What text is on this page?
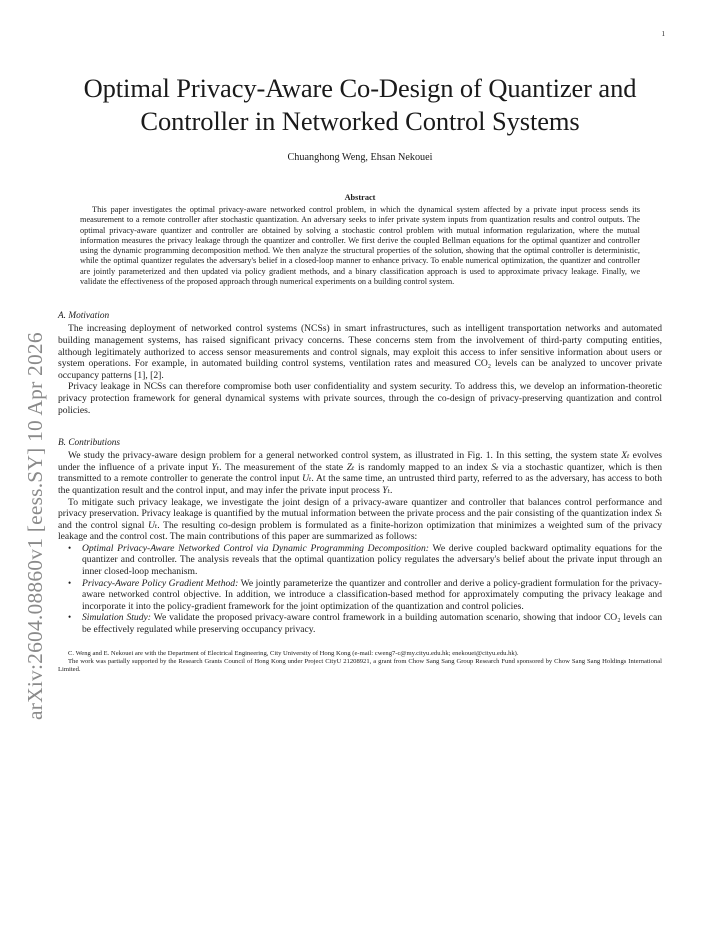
1
arXiv:2604.08860v1 [eess.SY] 10 Apr 2026
Optimal Privacy-Aware Co-Design of Quantizer and
Controller in Networked Control Systems
Chuanghong Weng, Ehsan Nekouei
Abstract

This paper investigates the optimal privacy-aware networked control problem, in which the dynamical system affected by a private input process sends its measurement to a remote controller after stochastic quantization. An adversary seeks to infer private system inputs from quantization results and control outputs. The optimal privacy-aware quantizer and controller are obtained by solving a stochastic control problem with mutual information regularization, where the mutual information measures the privacy leakage through the quantizer and controller. We first derive the coupled Bellman equations for the optimal quantizer and controller using the dynamic programming decomposition method. We then analyze the structural properties of the solution, showing that the optimal controller is deterministic, while the optimal quantizer regulates the adversary's belief in a closed-loop manner to enhance privacy. To enable numerical optimization, the quantizer and controller are jointly parameterized and then updated via policy gradient methods, and a binary classification approach is used to approximate privacy leakage. Finally, we validate the effectiveness of the proposed approach through numerical experiments on a building control system.

A. Motivation

The increasing deployment of networked control systems (NCSs) in smart infrastructures, such as intelligent transportation networks and automated building management systems, has raised significant privacy concerns. These concerns stem from the involvement of third-party computing entities, although legitimately authorized to access sensor measurements and control signals, may exploit this access to infer sensitive information about users or system operations. For example, in automated building control systems, ventilation rates and measured CO₂ levels can be analyzed to uncover private occupancy patterns [1], [2].

Privacy leakage in NCSs can therefore compromise both user confidentiality and system security. To address this, we develop an information-theoretic privacy protection framework for general dynamical systems with private sources, through the co-design of privacy-preserving quantization and control policies.

B. Contributions

We study the privacy-aware design problem for a general networked control system, as illustrated in Fig. 1. In this setting, the system state Xₜ evolves under the influence of a private input Yₜ. The measurement of the state Zₜ is randomly mapped to an index Sₜ via a stochastic quantizer, which is then transmitted to a remote controller to generate the control input Uₜ. At the same time, an untrusted third party, referred to as the adversary, has access to both the quantization result and the control input, and may infer the private input process Yₜ.

To mitigate such privacy leakage, we investigate the joint design of a privacy-aware quantizer and controller that balances control performance and privacy preservation. Privacy leakage is quantified by the mutual information between the private process and the pair consisting of the quantization index Sₜ and the control signal Uₜ. The resulting co-design problem is formulated as a finite-horizon optimization that minimizes a weighted sum of the privacy leakage and the control cost. The main contributions of this paper are summarized as follows:

• Optimal Privacy-Aware Networked Control via Dynamic Programming Decomposition: We derive coupled backward optimality equations for the quantizer and controller. The analysis reveals that the optimal quantization policy regulates the adversary's belief about the private input through an inner closed-loop mechanism.
• Privacy-Aware Policy Gradient Method: We jointly parameterize the quantizer and controller and derive a policy-gradient formulation for the privacy-aware networked control objective. In addition, we introduce a classification-based method for approximately computing the privacy leakage and incorporate it into the policy-gradient framework for the joint optimization of the quantization and control policies.
• Simulation Study: We validate the proposed privacy-aware control framework in a building automation scenario, showing that indoor CO₂ levels can be effectively regulated while preserving occupancy privacy.

C. Weng and E. Nekouei are with the Department of Electrical Engineering, City University of Hong Kong (e-mail: cweng7-c@my.cityu.edu.hk; enekouei@cityu.edu.hk).

The work was partially supported by the Research Grants Council of Hong Kong under Project CityU 21208921, a grant from Chow Sang Sang Group Research Fund sponsored by Chow Sang Sang Holdings International Limited.
